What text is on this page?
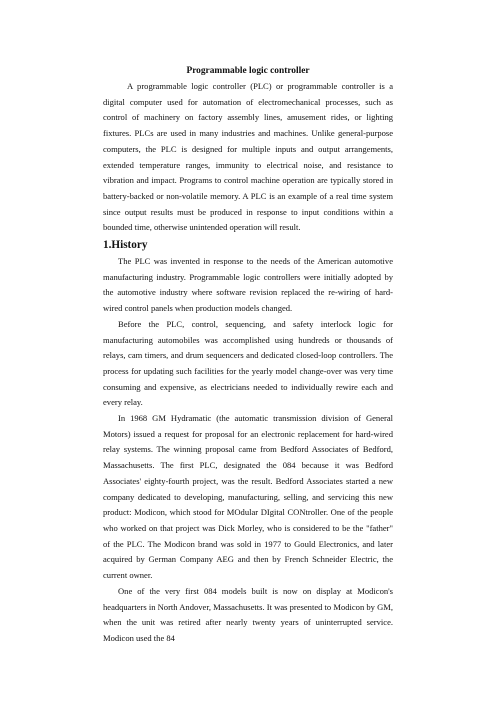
Programmable logic controller

A programmable logic controller (PLC) or programmable controller is a digital computer used for automation of electromechanical processes, such as control of machinery on factory assembly lines, amusement rides, or lighting fixtures. PLCs are used in many industries and machines. Unlike general-purpose computers, the PLC is designed for multiple inputs and output arrangements, extended temperature ranges, immunity to electrical noise, and resistance to vibration and impact. Programs to control machine operation are typically stored in battery-backed or non-volatile memory. A PLC is an example of a real time system since output results must be produced in response to input conditions within a bounded time, otherwise unintended operation will result.

1.History

The PLC was invented in response to the needs of the American automotive manufacturing industry. Programmable logic controllers were initially adopted by the automotive industry where software revision replaced the re-wiring of hard-wired control panels when production models changed.

Before the PLC, control, sequencing, and safety interlock logic for manufacturing automobiles was accomplished using hundreds or thousands of relays, cam timers, and drum sequencers and dedicated closed-loop controllers. The process for updating such facilities for the yearly model change-over was very time consuming and expensive, as electricians needed to individually rewire each and every relay.

In 1968 GM Hydramatic (the automatic transmission division of General Motors) issued a request for proposal for an electronic replacement for hard-wired relay systems. The winning proposal came from Bedford Associates of Bedford, Massachusetts. The first PLC, designated the 084 because it was Bedford Associates' eighty-fourth project, was the result. Bedford Associates started a new company dedicated to developing, manufacturing, selling, and servicing this new product: Modicon, which stood for MOdular DIgital CONtroller. One of the people who worked on that project was Dick Morley, who is considered to be the "father" of the PLC. The Modicon brand was sold in 1977 to Gould Electronics, and later acquired by German Company AEG and then by French Schneider Electric, the current owner.

One of the very first 084 models built is now on display at Modicon's headquarters in North Andover, Massachusetts. It was presented to Modicon by GM, when the unit was retired after nearly twenty years of uninterrupted service. Modicon used the 84
